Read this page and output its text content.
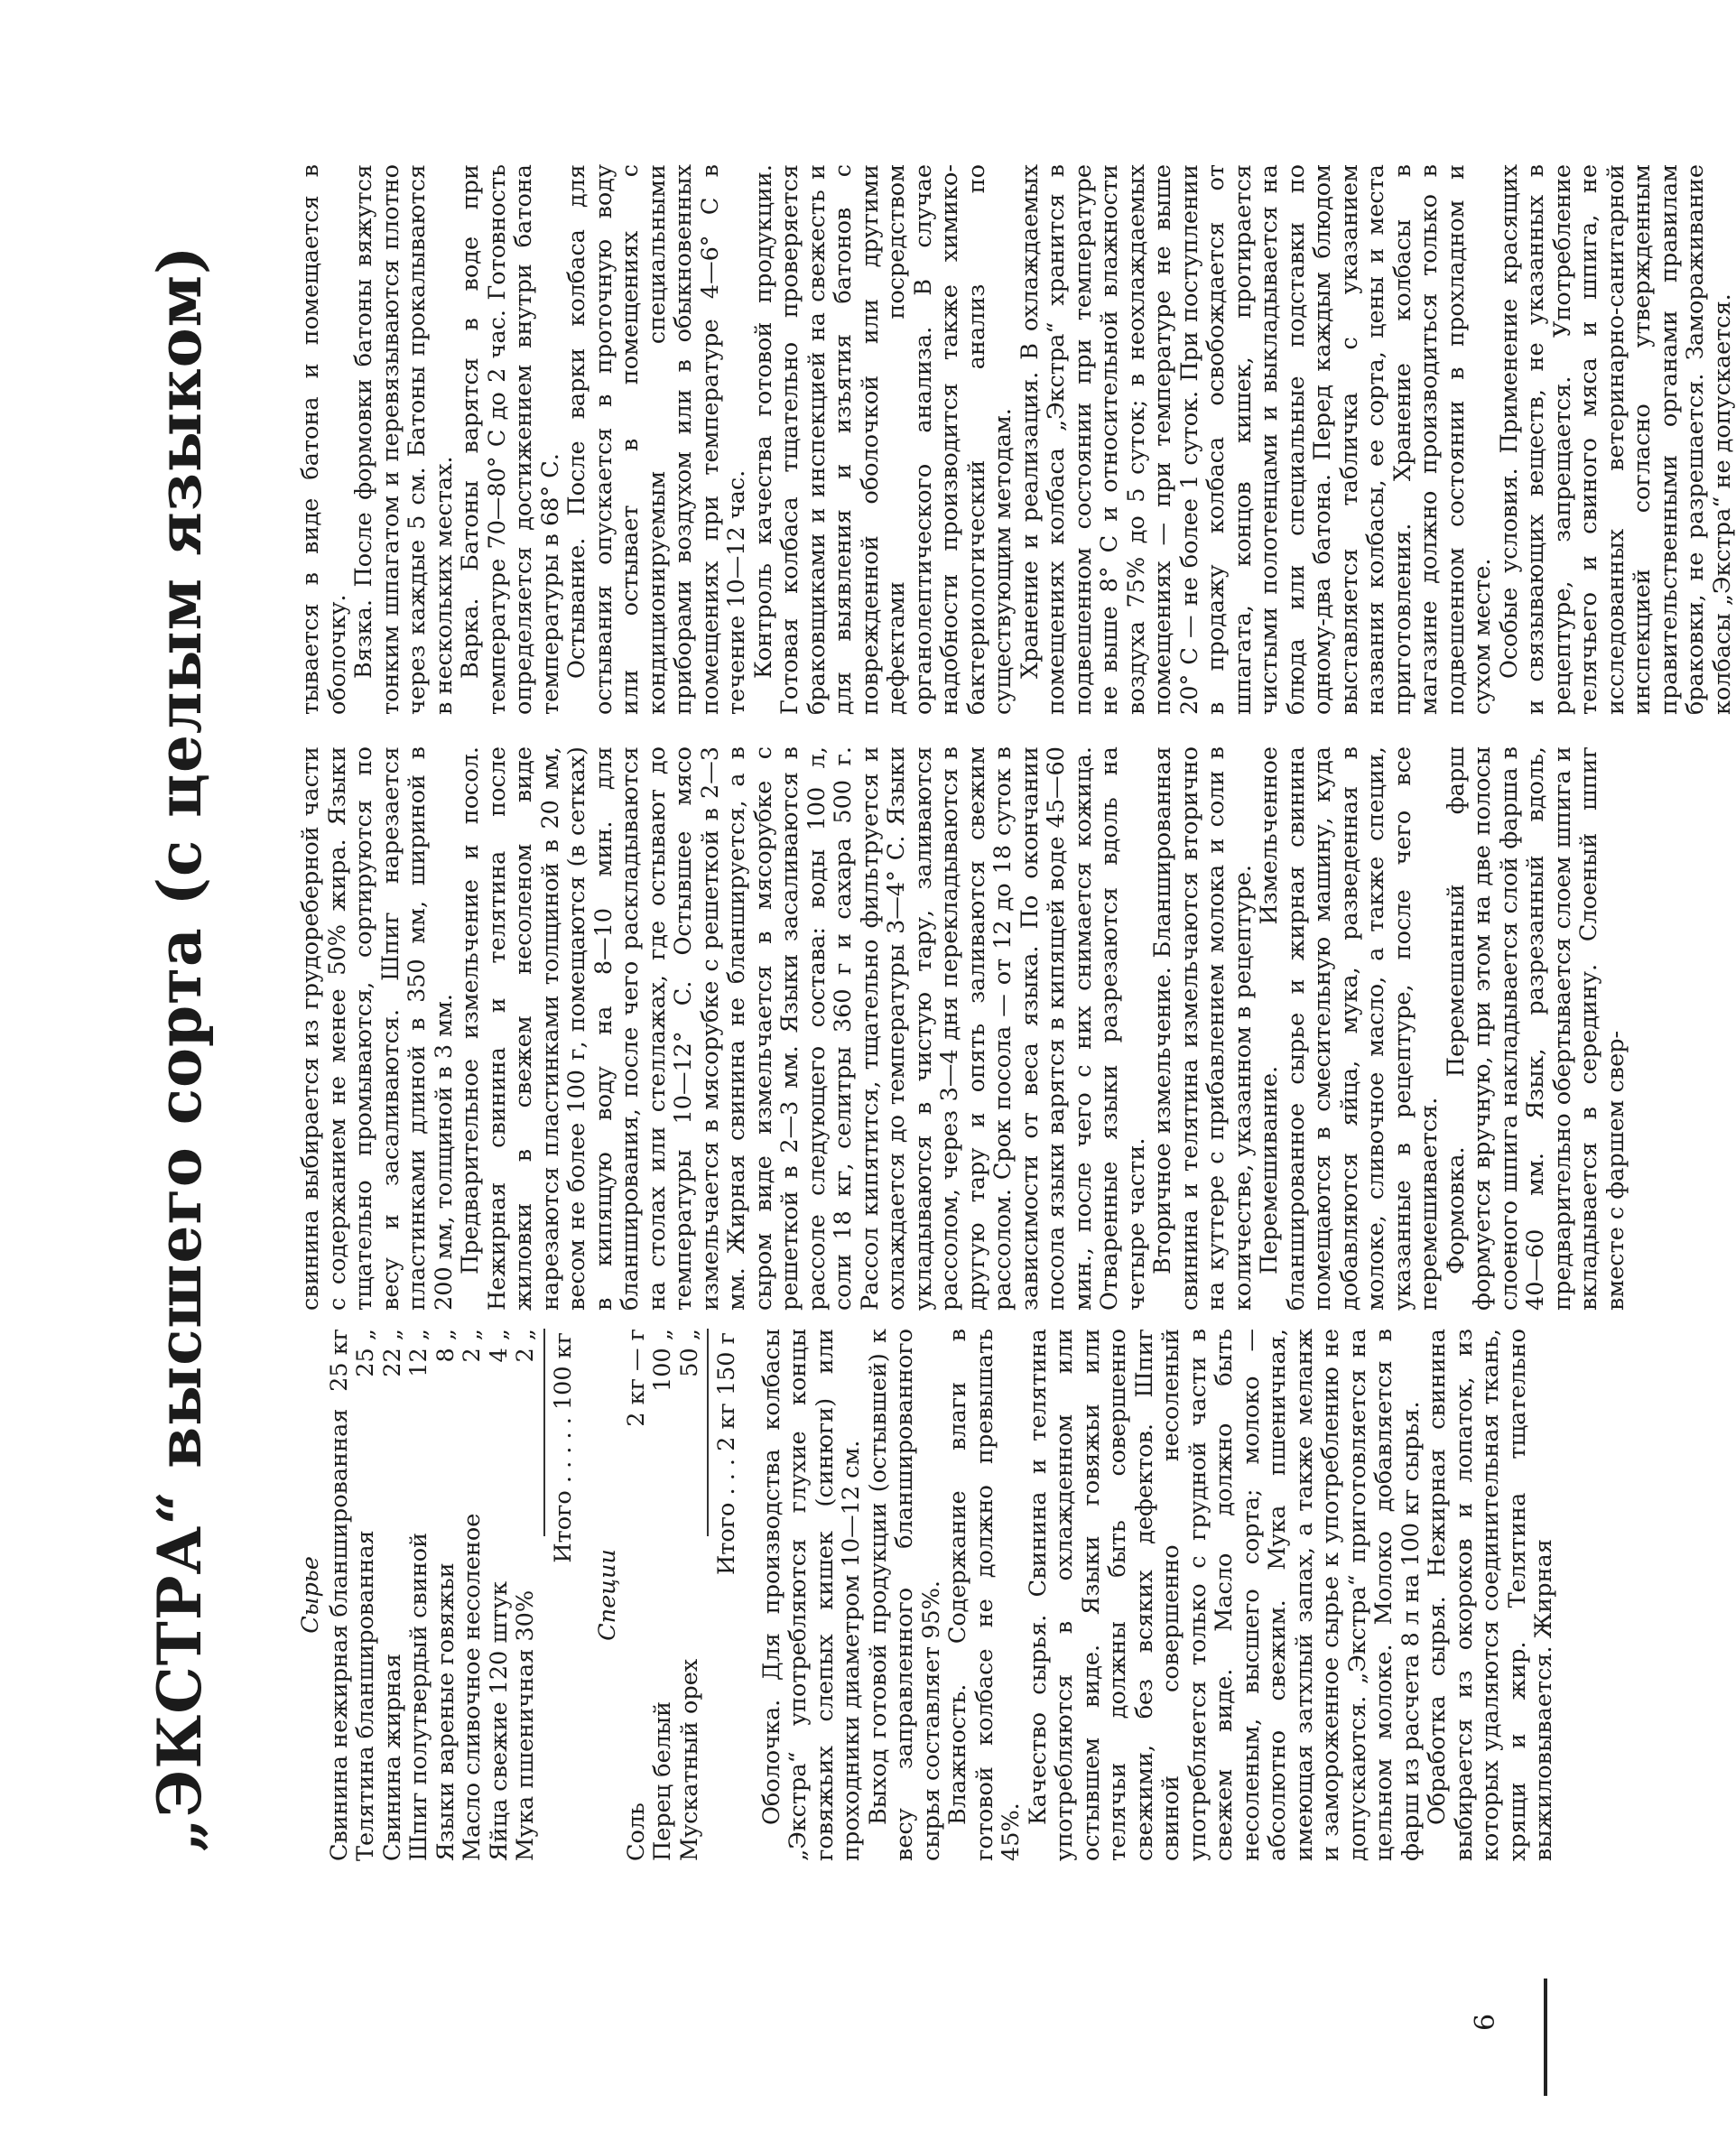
„ЭКСТРА“ высшего сорта (с целым языком)	Сырье Свинина нежирная бланшированная
25 кг
Телятина бланшированная
25 „
Свинина жирная
22 „
Шпиг полутвердый свиной
12 „
Языки вареные говяжьи
8 „
Масло сливочное несоленое
2 „
Яйца свежие 120 штук
4 „
Мука пшеничная 30%
2 „ Итого . . . . . 100 кг
Специи
Соль
2 кг — г
Перец белый
100 „
Мускатный орех
50 „ Итого . . . 2 кг 150 г Оболочка. Для производства колбасы „Экстра“ употребляются глухие концы говяжьих слепых кишек (синюги) или проходники диаметром 10—12 см. Выход готовой продукции (остывшей) к весу заправленного бланшированного сырья составляет 95%. Влажность. Содержание влаги в готовой колбасе не должно превышать 45%.

Качество сырья. Свинина и телятина употребляются в охлажденном или остывшем виде. Языки говяжьи или телячьи должны быть совершенно свежими, без всяких дефектов. Шпиг свиной совершенно несоленый употребляется только с грудной части в свежем виде. Масло должно быть несоленым, высшего сорта; молоко — абсолютно свежим. Мука пшеничная, имеющая затхлый запах, а также меланж и замороженное сырье к употреблению не допускаются. „Экстра“ приготовляется на цельном молоке. Молоко добавляется в фарш из расчета 8 л на 100 кг сырья. Обработка сырья. Нежирная свинина выбирается из окороков и лопаток, из которых удаляются соединительная ткань, хрящи и жир. Телятина тщательно выжиловывается. Жирная

свинина выбирается из грудореберной части с содержанием не менее 50% жира. Языки тщательно промываются, сортируются по весу и засаливаются. Шпиг нарезается пластинками длиной в 350 мм, шириной в 200 мм, толщиной в 3 мм. Предварительное измельчение и посол. Нежирная свинина и телятина после жиловки в свежем несоленом виде нарезаются пластинками толщиной в 20 мм, весом не более 100 г, помещаются (в сетках) в кипящую воду на 8—10 мин. для бланширования, после чего раскладываются на столах или стеллажах, где остывают до температуры 10—12° С. Остывшее мясо измельчается в мясорубке с решеткой в 2—3 мм. Жирная свинина не бланшируется, а в сыром виде измельчается в мясорубке с решеткой в 2—3 мм. Языки засаливаются в рассоле следующего состава: воды 100 л, соли 18 кг, селитры 360 г и сахара 500 г. Рассол кипятится, тщательно фильтруется и охлаждается до температуры 3—4° С. Языки укладываются в чистую тару, заливаются рассолом, через 3—4 дня перекладываются в другую тару и опять заливаются свежим рассолом. Срок посола — от 12 до 18 суток в зависимости от веса языка. По окончании посола языки варятся в кипящей воде 45—60 мин., после чего с них снимается кожица. Отваренные языки разрезаются вдоль на четыре части. Вторичное измельчение. Бланшированная свинина и телятина измельчаются вторично на куттере с прибавлением молока и соли в количестве, указанном в рецептуре. Перемешивание. Измельченное бланшированное сырье и жирная свинина помещаются в смесительную машину, куда добавляются яйца, мука, разведенная в молоке, сливочное масло, а также специи, указанные в рецептуре, после чего все перемешивается. Формовка. Перемешанный фарш формуется вручную, при этом на две полосы слоеного шпига накладывается слой фарша в 40—60 мм. Язык, разрезанный вдоль, предварительно обертывается слоем шпига и вкладывается в середину. Слоеный шпиг вместе с фаршем свер-

тывается в виде батона и помещается в оболочку. Вязка. После формовки батоны вяжутся тонким шпагатом и перевязываются плотно через каждые 5 см. Батоны прокалываются в нескольких местах. Варка. Батоны варятся в воде при температуре 70—80° С до 2 час. Готовность определяется достижением внутри батона температуры в 68° С. Остывание. После варки колбаса для остывания опускается в проточную воду или остывает в помещениях с кондиционируемым специальными приборами воздухом или в обыкновенных помещениях при температуре 4—6° С в течение 10—12 час. Контроль качества готовой продукции. Готовая колбаса тщательно проверяется браковщиками и инспекцией на свежесть и для выявления и изъятия батонов с поврежденной оболочкой или другими дефектами посредством органолептического анализа. В случае надобности производится также химико-бактериологический анализ по существующим методам. Хранение и реализация. В охлаждаемых помещениях колбаса „Экстра“ хранится в подвешенном состоянии при температуре не выше 8° С и относительной влажности воздуха 75% до 5 суток; в неохлаждаемых помещениях — при температуре не выше 20° С — не более 1 суток. При поступлении в продажу колбаса освобождается от шпагата, концов кишек, протирается чистыми полотенцами и выкладывается на блюда или специальные подставки по одному-два батона. Перед каждым блюдом выставляется табличка с указанием названия колбасы, ее сорта, цены и места приготовления. Хранение колбасы в магазине должно производиться только в подвешенном состоянии в прохладном и сухом месте. Особые условия. Применение красящих и связывающих веществ, не указанных в рецептуре, запрещается. Употребление телячьего и свиного мяса и шпига, не исследованных ветеринарно-санитарной инспекцией согласно утвержденным правительственными органами правилам браковки, не разрешается. Замораживание колбасы „Экстра“ не допускается.

6
